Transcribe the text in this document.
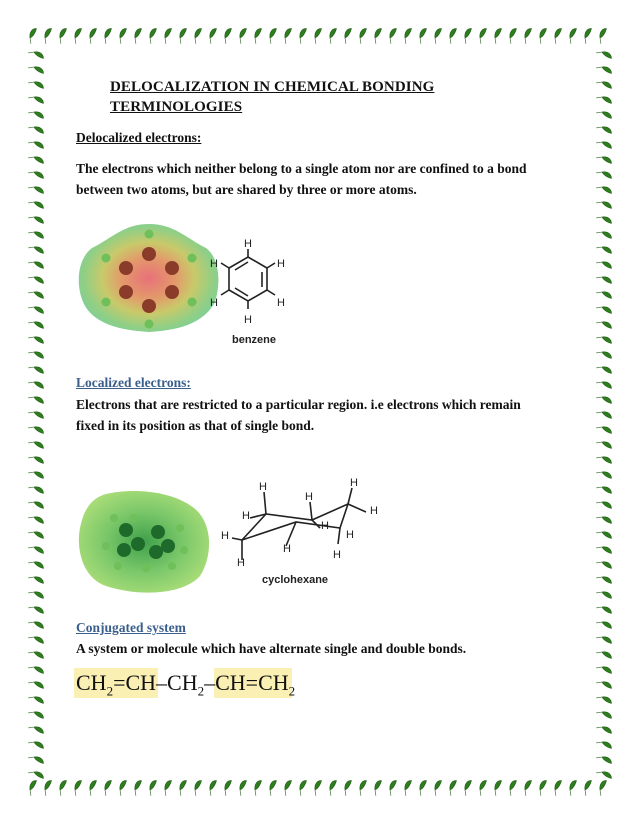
DELOCALIZATION IN CHEMICAL BONDING
TERMINOLOGIES
Delocalized electrons:
The electrons which neither belong to a single atom nor are confined to a bond between two atoms, but are shared by three or more atoms.
H
H
H
H
H
H
benzene
Localized electrons:
Electrons that are restricted to a particular region. i.e electrons which remain fixed in its position as that of single bond.
H	H
H
H	H
H
H	H
H	H
H
cyclohexane
Conjugated system
A system or molecule which have alternate single and double bonds.
$CH_2=CH-CH_2-CH=CH_2$
